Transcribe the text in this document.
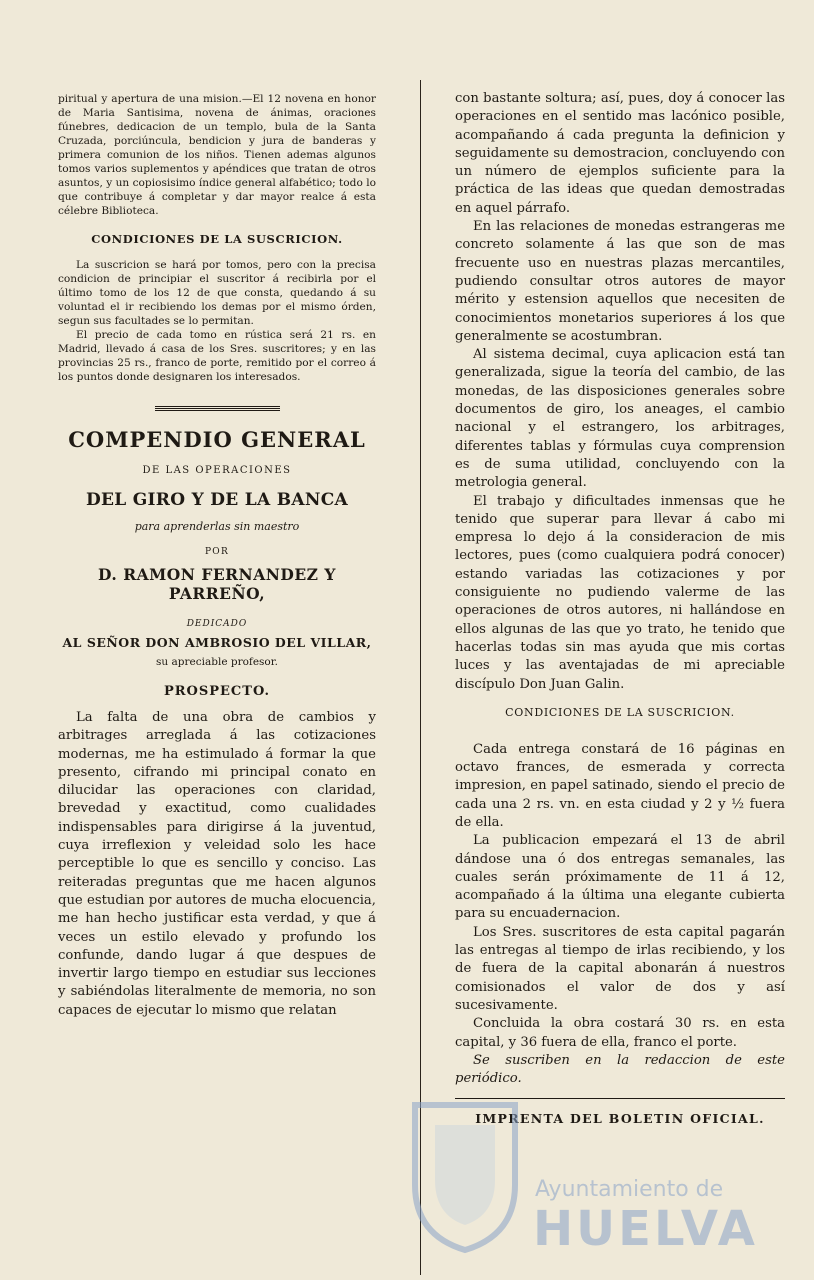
piritual y apertura de una mision.—El 12 novena en honor de Maria Santisima, novena de ánimas, oraciones fúnebres, dedicacion de un templo, bula de la Santa Cruzada, porciúncula, bendicion y jura de banderas y primera comunion de los niños. Tienen ademas algunos tomos varios suplementos y apéndices que tratan de otros asuntos, y un copiosisimo índice general alfabético; todo lo que contribuye á completar y dar mayor realce á esta célebre Biblioteca.

CONDICIONES DE LA SUSCRICION.

La suscricion se hará por tomos, pero con la precisa condicion de principiar el suscritor á recibirla por el último tomo de los 12 de que consta, quedando á su voluntad el ir recibiendo los demas por el mismo órden, segun sus facultades se lo permitan.

El precio de cada tomo en rústica será 21 rs. en Madrid, llevado á casa de los Sres. suscritores; y en las provincias 25 rs., franco de porte, remitido por el correo á los puntos donde designaren los interesados.

COMPENDIO GENERAL
DE LAS OPERACIONES
DEL GIRO Y DE LA BANCA
para aprenderlas sin maestro
POR
D. RAMON FERNANDEZ Y PARREÑO,
DEDICADO
AL SEÑOR DON AMBROSIO DEL VILLAR,
su apreciable profesor.
PROSPECTO.

La falta de una obra de cambios y arbitrages arreglada á las cotizaciones modernas, me ha estimulado á formar la que presento, cifrando mi principal conato en dilucidar las operaciones con claridad, brevedad y exactitud, como cualidades indispensables para dirigirse á la juventud, cuya irreflexion y veleidad solo les hace perceptible lo que es sencillo y conciso. Las reiteradas preguntas que me hacen algunos que estudian por autores de mucha elocuencia, me han hecho justificar esta verdad, y que á veces un estilo elevado y profundo los confunde, dando lugar á que despues de invertir largo tiempo en estudiar sus lecciones y sabiéndolas literalmente de memoria, no son capaces de ejecutar lo mismo que relatan

con bastante soltura; así, pues, doy á conocer las operaciones en el sentido mas lacónico posible, acompañando á cada pregunta la definicion y seguidamente su demostracion, concluyendo con un número de ejemplos suficiente para la práctica de las ideas que quedan demostradas en aquel párrafo.

En las relaciones de monedas estrangeras me concreto solamente á las que son de mas frecuente uso en nuestras plazas mercantiles, pudiendo consultar otros autores de mayor mérito y estension aquellos que necesiten de conocimientos monetarios superiores á los que generalmente se acostumbran.

Al sistema decimal, cuya aplicacion está tan generalizada, sigue la teoría del cambio, de las monedas, de las disposiciones generales sobre documentos de giro, los aneages, el cambio nacional y el estrangero, los arbitrages, diferentes tablas y fórmulas cuya comprension es de suma utilidad, concluyendo con la metrologia general.

El trabajo y dificultades inmensas que he tenido que superar para llevar á cabo mi empresa lo dejo á la consideracion de mis lectores, pues (como cualquiera podrá conocer) estando variadas las cotizaciones y por consiguiente no pudiendo valerme de las operaciones de otros autores, ni hallándose en ellos algunas de las que yo trato, he tenido que hacerlas todas sin mas ayuda que mis cortas luces y las aventajadas de mi apreciable discípulo Don Juan Galin.

CONDICIONES DE LA SUSCRICION.

Cada entrega constará de 16 páginas en octavo frances, de esmerada y correcta impresion, en papel satinado, siendo el precio de cada una 2 rs. vn. en esta ciudad y 2 y ½ fuera de ella.

La publicacion empezará el 13 de abril dándose una ó dos entregas semanales, las cuales serán próximamente de 11 á 12, acompañado á la última una elegante cubierta para su encuadernacion.

Los Sres. suscritores de esta capital pagarán las entregas al tiempo de irlas recibiendo, y los de fuera de la capital abonarán á nuestros comisionados el valor de dos y así sucesivamente.

Concluida la obra costará 30 rs. en esta capital, y 36 fuera de ella, franco el porte.

Se suscriben en la redaccion de este periódico.

IMPRENTA DEL BOLETIN OFICIAL.
Ayuntamiento de
HUELVA
